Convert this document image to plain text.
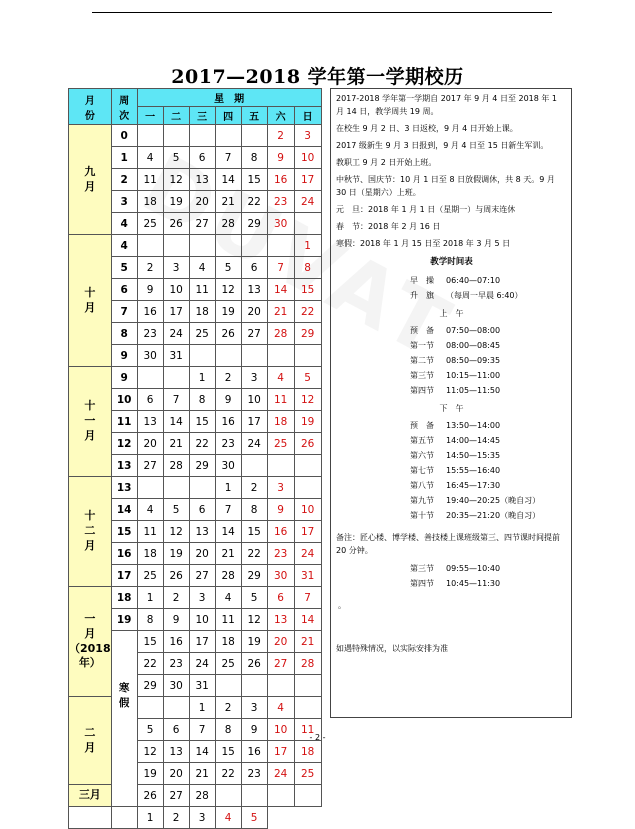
2017—2018 学年第一学期校历
月
份	周
次	星　期						
		一	二	三	四	五	六	日
九
月	0						2	3
	1	4	5	6	7	8	9	10
	2	11	12	13	14	15	16	17
	3	18	19	20	21	22	23	24
	4	25	26	27	28	29	30	
十
月	4							1
	5	2	3	4	5	6	7	8
	6	9	10	11	12	13	14	15
	7	16	17	18	19	20	21	22
	8	23	24	25	26	27	28	29
	9	30	31					
十
一
月	9			1	2	3	4	5
	10	6	7	8	9	10	11	12
	11	13	14	15	16	17	18	19
	12	20	21	22	23	24	25	26
	13	27	28	29	30			
十
二
月	13				1	2	3	
	14	4	5	6	7	8	9	10
	15	11	12	13	14	15	16	17
	16	18	19	20	21	22	23	24
	17	25	26	27	28	29	30	31
一
月
（2018
年）	18	1	2	3	4	5	6	7
	19	8	9	10	11	12	13	14
	寒
假	15	16	17	18	19	20	21
		22	23	24	25	26	27	28
		29	30	31				
二
月				1	2	3	4	
		5	6	7	8	9	10	11
		12	13	14	15	16	17	18
		19	20	21	22	23	24	25
三月		26	27	28				
		1	2	3	4	5		

2017-2018 学年第一学期自 2017 年 9 月 4 日至 2018 年 1 月 14 日，教学周共 19 周。

在校生 9 月 2 日、3 日返校，9 月 4 日开始上课。

2017 级新生 9 月 3 日报到，9 月 4 日至 15 日新生军训。

教职工 9 月 2 日开始上班。

中秋节、国庆节：10 月 1 日至 8 日放假调休，共 8 天。9 月 30 日（星期六）上班。

元　旦：2018 年 1 月 1 日（星期一）与周末连休

春　节：2018 年 2 月 16 日

寒假：2018 年 1 月 15 日至 2018 年 3 月 5 日

教学时间表
早　操	06:40—07:10
升　旗	（每周一早晨 6:40）
上　午
预　备	07:50—08:00
第一节	08:00—08:45
第二节	08:50—09:35
第三节	10:15—11:00
第四节	11:05—11:50
下　午
预　备	13:50—14:00
第五节	14:00—14:45
第六节	14:50—15:35
第七节	15:55—16:40
第八节	16:45—17:30
第九节	19:40—20:25（晚自习）
第十节	20:35—21:20（晚自习）

备注：匠心楼、博学楼、善技楼上课班级第三、四节课时间提前 20 分钟。

第三节	09:55—10:40
第四节	10:45—11:30
。

如遇特殊情况，以实际安排为准

- 2 -
